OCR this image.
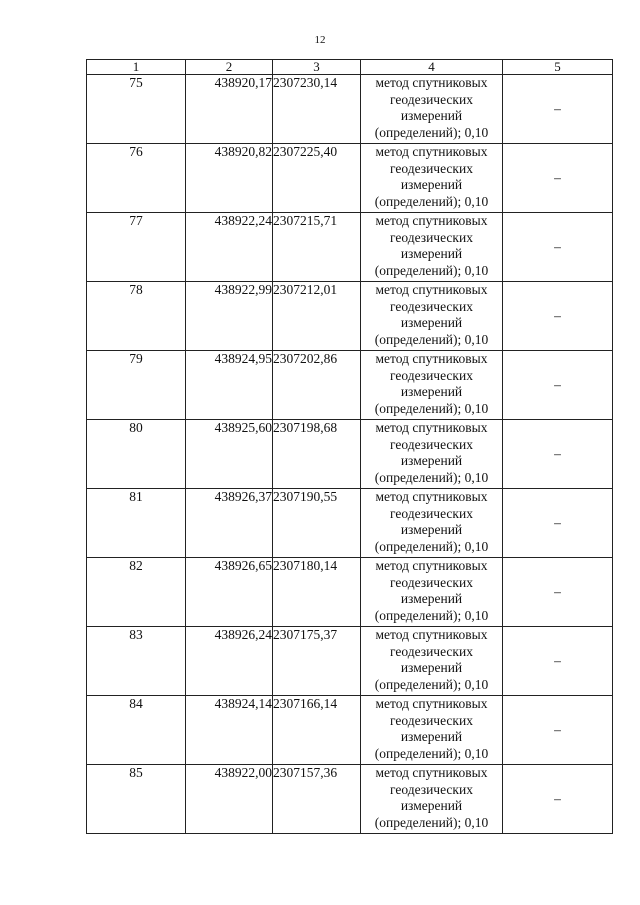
12
1	2	3	4	5
75	438920,17	2307230,14	метод спутниковых
геодезических
измерений
(определений); 0,10	–
76	438920,82	2307225,40	метод спутниковых
геодезических
измерений
(определений); 0,10	–
77	438922,24	2307215,71	метод спутниковых
геодезических
измерений
(определений); 0,10	–
78	438922,99	2307212,01	метод спутниковых
геодезических
измерений
(определений); 0,10	–
79	438924,95	2307202,86	метод спутниковых
геодезических
измерений
(определений); 0,10	–
80	438925,60	2307198,68	метод спутниковых
геодезических
измерений
(определений); 0,10	–
81	438926,37	2307190,55	метод спутниковых
геодезических
измерений
(определений); 0,10	–
82	438926,65	2307180,14	метод спутниковых
геодезических
измерений
(определений); 0,10	–
83	438926,24	2307175,37	метод спутниковых
геодезических
измерений
(определений); 0,10	–
84	438924,14	2307166,14	метод спутниковых
геодезических
измерений
(определений); 0,10	–
85	438922,00	2307157,36	метод спутниковых
геодезических
измерений
(определений); 0,10	–
